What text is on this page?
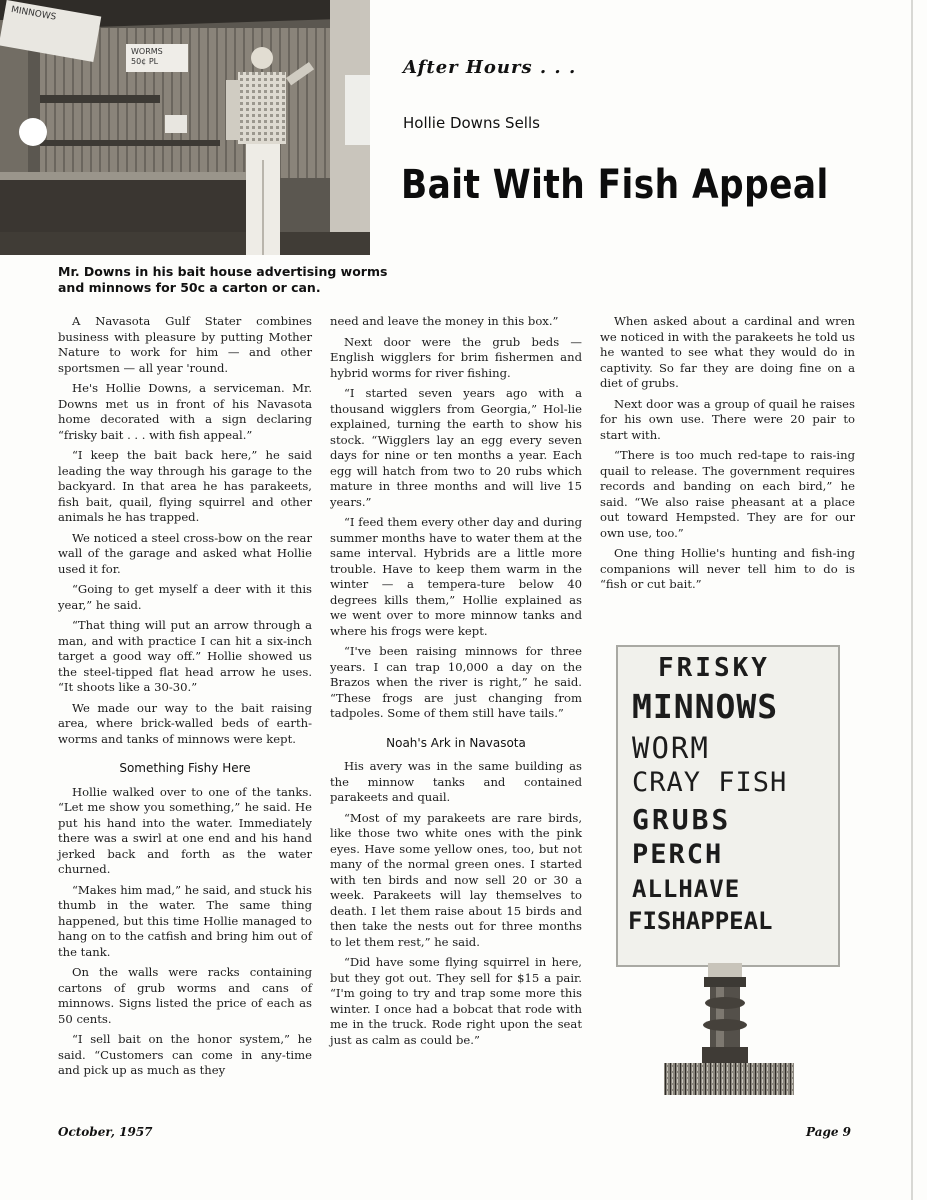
MINNOWS
WORMS
50¢ PL
Mr. Downs in his bait house advertising worms and minnows for 50c a carton or can.
After Hours . . .
Hollie Downs Sells
Bait With Fish Appeal

A Navasota Gulf Stater combines business with pleasure by putting Mother Nature to work for him — and other sportsmen — all year 'round.

He's Hollie Downs, a serviceman. Mr. Downs met us in front of his Navasota home decorated with a sign declaring “frisky bait . . . with fish appeal.”

“I keep the bait back here,” he said leading the way through his garage to the backyard. In that area he has parakeets, fish bait, quail, flying squirrel and other animals he has trapped.

We noticed a steel cross-bow on the rear wall of the garage and asked what Hollie used it for.

“Going to get myself a deer with it this year,” he said.

“That thing will put an arrow through a man, and with practice I can hit a six-inch target a good way off.” Hollie showed us the steel-tipped flat head arrow he uses. “It shoots like a 30-30.”

We made our way to the bait raising area, where brick-walled beds of earth-worms and tanks of minnows were kept.

Something Fishy Here

Hollie walked over to one of the tanks. “Let me show you something,” he said. He put his hand into the water. Immediately there was a swirl at one end and his hand jerked back and forth as the water churned.

“Makes him mad,” he said, and stuck his thumb in the water. The same thing happened, but this time Hollie managed to hang on to the catfish and bring him out of the tank.

On the walls were racks containing cartons of grub worms and cans of minnows. Signs listed the price of each as 50 cents.

“I sell bait on the honor system,” he said. “Customers can come in any-time and pick up as much as they

need and leave the money in this box.”

Next door were the grub beds — English wigglers for brim fishermen and hybrid worms for river fishing.

“I started seven years ago with a thousand wigglers from Georgia,” Hol-lie explained, turning the earth to show his stock. “Wigglers lay an egg every seven days for nine or ten months a year. Each egg will hatch from two to 20 rubs which mature in three months and will live 15 years.”

“I feed them every other day and during summer months have to water them at the same interval. Hybrids are a little more trouble. Have to keep them warm in the winter — a tempera-ture below 40 degrees kills them,” Hollie explained as we went over to more minnow tanks and where his frogs were kept.

“I've been raising minnows for three years. I can trap 10,000 a day on the Brazos when the river is right,” he said. “These frogs are just changing from tadpoles. Some of them still have tails.”

Noah's Ark in Navasota

His avery was in the same building as the minnow tanks and contained parakeets and quail.

“Most of my parakeets are rare birds, like those two white ones with the pink eyes. Have some yellow ones, too, but not many of the normal green ones. I started with ten birds and now sell 20 or 30 a week. Parakeets will lay themselves to death. I let them raise about 15 birds and then take the nests out for three months to let them rest,” he said.

“Did have some flying squirrel in here, but they got out. They sell for $15 a pair. “I'm going to try and trap some more this winter. I once had a bobcat that rode with me in the truck. Rode right upon the seat just as calm as could be.”

When asked about a cardinal and wren we noticed in with the parakeets he told us he wanted to see what they would do in captivity. So far they are doing fine on a diet of grubs.

Next door was a group of quail he raises for his own use. There were 20 pair to start with.

“There is too much red-tape to rais-ing quail to release. The government requires records and banding on each bird,” he said. “We also raise pheasant at a place out toward Hempsted. They are for our own use, too.”

One thing Hollie's hunting and fish-ing companions will never tell him to do is “fish or cut bait.”

FRISKY
MINNOWS
WORM
CRAY FISH
GRUBS
PERCH
ALLHAVE
FISHAPPEAL
October, 1957	Page 9
